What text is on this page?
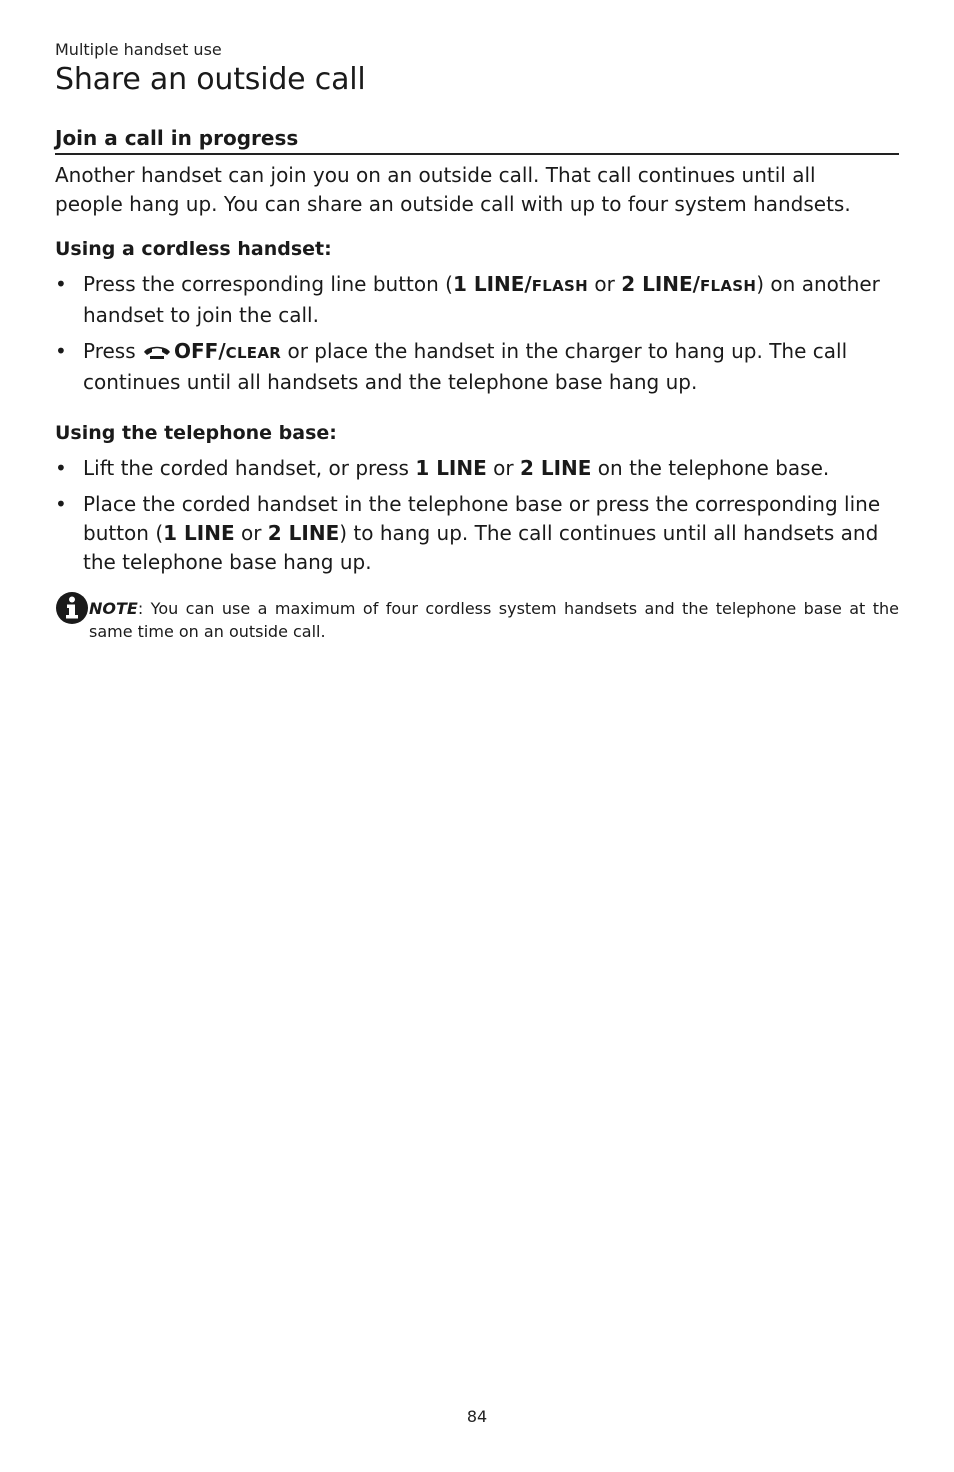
Multiple handset use
Share an outside call
Join a call in progress

Another handset can join you on an outside call. That call continues until all people hang up. You can share an outside call with up to four system handsets.

Using a cordless handset:
• Press the corresponding line button (1 LINE/FLASH or 2 LINE/FLASH) on another handset to join the call.
• Press OFF/CLEAR or place the handset in the charger to hang up. The call continues until all handsets and the telephone base hang up.
Using the telephone base:
• Lift the corded handset, or press 1 LINE or 2 LINE on the telephone base.
• Place the corded handset in the telephone base or press the corresponding line button (1 LINE or 2 LINE) to hang up. The call continues until all handsets and the telephone base hang up.
NOTE: You can use a maximum of four cordless system handsets and the telephone base at the same time on an outside call.
84
